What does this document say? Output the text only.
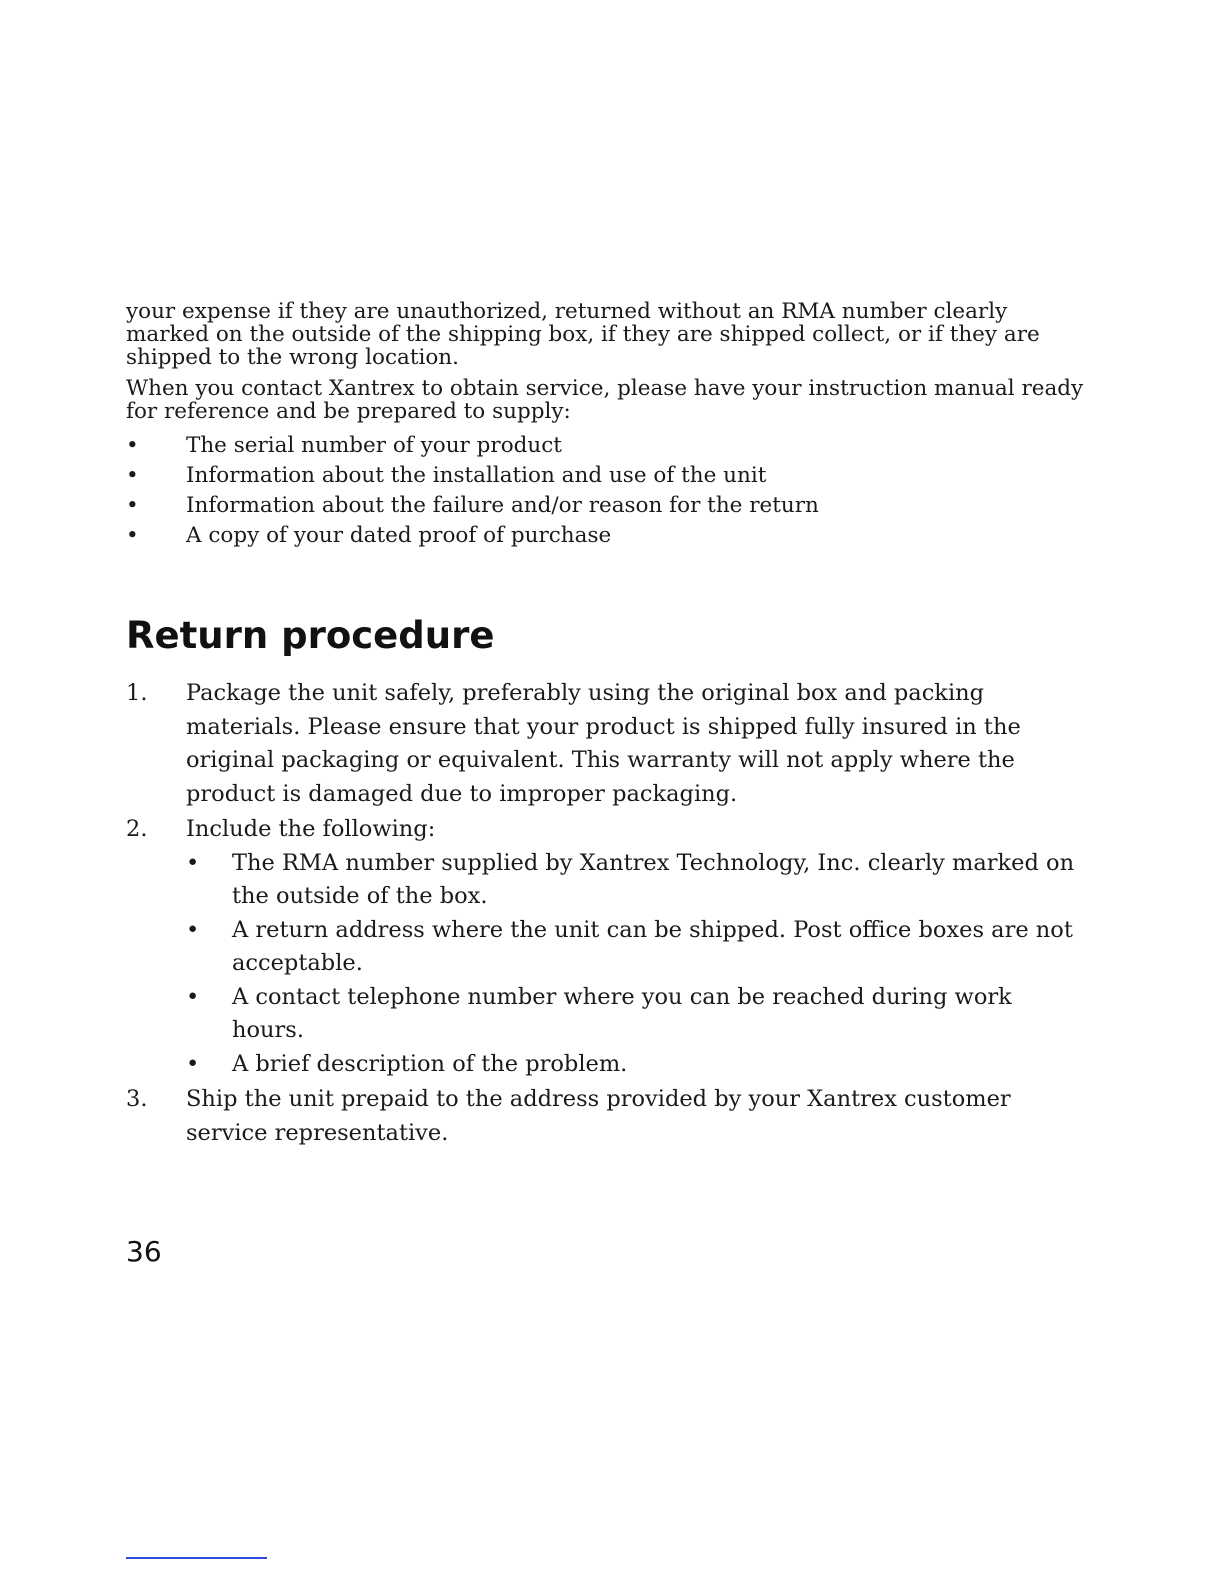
your expense if they are unauthorized, returned without an RMA number clearly marked on the outside of the shipping box, if they are shipped collect, or if they are shipped to the wrong location.

When you contact Xantrex to obtain service, please have your instruction manual ready for reference and be prepared to supply:

• The serial number of your product
• Information about the installation and use of the unit
• Information about the failure and/or reason for the return
• A copy of your dated proof of purchase
Return procedure
1. Package the unit safely, preferably using the original box and packing materials. Please ensure that your product is shipped fully insured in the original packaging or equivalent. This warranty will not apply where the product is damaged due to improper packaging.
2. Include the following:
• The RMA number supplied by Xantrex Technology, Inc. clearly marked on the outside of the box.
• A return address where the unit can be shipped. Post office boxes are not acceptable.
• A contact telephone number where you can be reached during work hours.
• A brief description of the problem.
3. Ship the unit prepaid to the address provided by your Xantrex customer service representative.
36
